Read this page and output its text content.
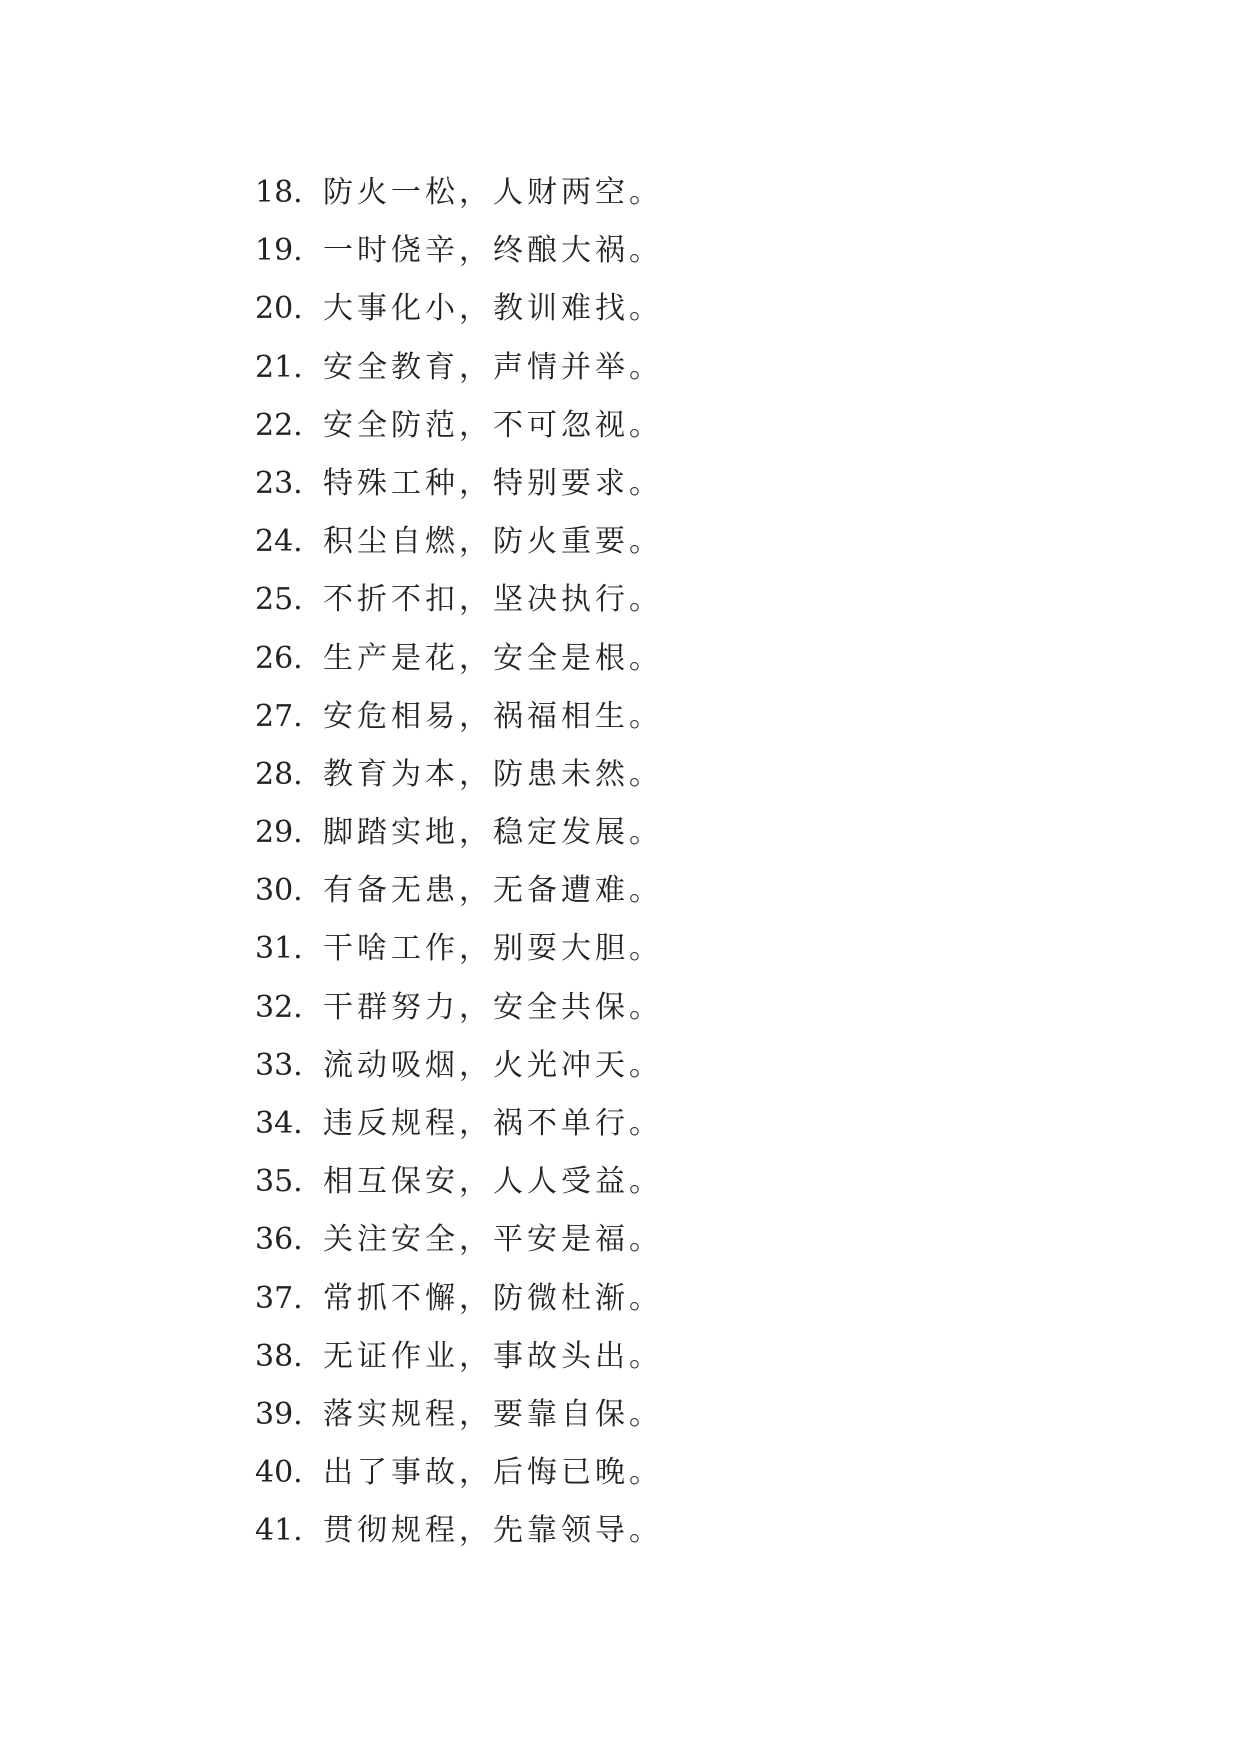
18. 防火一松，人财两空。
19. 一时侥辛，终酿大祸。
20. 大事化小，教训难找。
21. 安全教育，声情并举。
22. 安全防范，不可忽视。
23. 特殊工种，特别要求。
24. 积尘自燃，防火重要。
25. 不折不扣，坚决执行。
26. 生产是花，安全是根。
27. 安危相易，祸福相生。
28. 教育为本，防患未然。
29. 脚踏实地，稳定发展。
30. 有备无患，无备遭难。
31. 干啥工作，别耍大胆。
32. 干群努力，安全共保。
33. 流动吸烟，火光冲天。
34. 违反规程，祸不单行。
35. 相互保安，人人受益。
36. 关注安全，平安是福。
37. 常抓不懈，防微杜渐。
38. 无证作业，事故头出。
39. 落实规程，要靠自保。
40. 出了事故，后悔已晚。
41. 贯彻规程，先靠领导。
